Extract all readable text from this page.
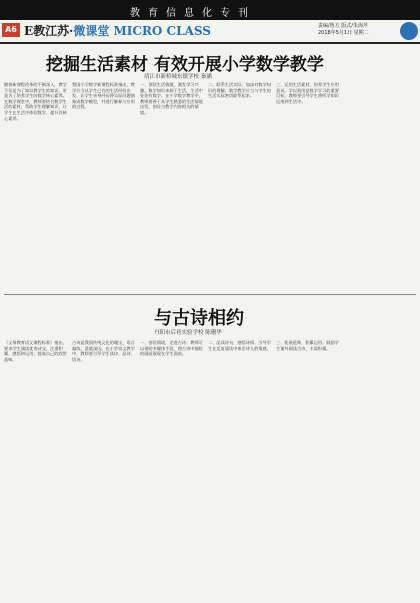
教育信息化专刊
A6 E教江苏·微课堂 MICRO CLASS	责编/鲁方 版式/朱海芹
2018年5月1日 星期二
挖掘生活素材 有效开展小学数学教学
靖江市新桥城东镇学校 秦涵
随着新课程改革的不断深入，教学不仅是为了知识教学生的知识，更是为了培养学生的数学核心素养。在数学课堂中，教师要结合数学生活的素材，帮助学生理解知识，让学生在生活中体验数学，提升其核心素养。
我国小学数学新课程标准指出，教学应当从学生已有的生活经验出发，让学生亲身经历将实际问题抽象成数学模型，并进行解释与应用的过程。
一、创设生活情境，激发学习兴趣。数学知识来源于生活，生活中处处有数学。在小学数学教学中，教师要善于从学生熟悉的生活情境出发，创设与教学内容相关的情境。
二、联系生活实际，加深对数学知识的理解。数学教学应当与学生的生活实际密切联系起来。
三、运用生活素材，培养学生应用意识。学以致用是数学学习的重要目标，教师要引导学生将所学知识运用到生活中。
与古诗相约
丹阳市后巷实验学校 陈珊华
《义务教育语文课程标准》指出，要求学生诵读优秀诗文，注重积累、感悟和运用，提高自己的欣赏品味。
古诗是我国传统文化的瑰宝，语言凝练，意境深远。在小学语文教学中，教师要引导学生读诗、品诗、悟诗。
一、创设情境，走进古诗。教师可以借助多媒体手段，将古诗中描绘的画面展现在学生面前。
二、品读诗句，感悟诗情。引导学生在反复诵读中体会诗人的情感。
三、拓展延伸，积累运用。鼓励学生课外阅读古诗，丰富积累。
